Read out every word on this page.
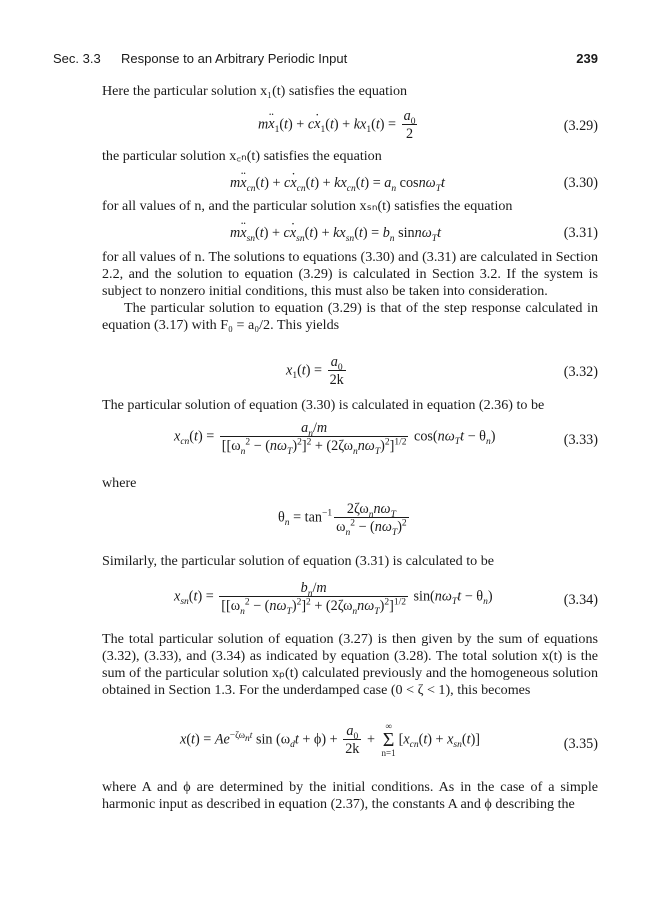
Sec. 3.3 Response to an Arbitrary Periodic Input	239

Here the particular solution x₁(t) satisfies the equation

m¨ $x_1(t)$ + c˙ $x_1(t) + kx_1(t) = \frac{a_0}{2}$	(3.29)

the particular solution x꜀ₙ(t) satisfies the equation

m¨ $x_{cn}(t)$ + c˙ $x_{cn}(t) + kx_{cn}(t) = a_n$ cosnω$_T$t	(3.30)

for all values of n, and the particular solution xₛₙ(t) satisfies the equation

m¨ $x_{sn}(t)$ + c˙ $x_{sn}(t) + kx_{sn}(t) = b_n$ sinnω$_T$t	(3.31)

for all values of n. The solutions to equations (3.30) and (3.31) are calculated in Section 2.2, and the solution to equation (3.29) is calculated in Section 3.2. If the system is subject to nonzero initial conditions, this must also be taken into consideration.

The particular solution to equation (3.29) is that of the step response calculated in equation (3.17) with F₀ = a₀/2. This yields

$x_1(t) = \frac{a_0}{2k}$	(3.32)

The particular solution of equation (3.30) is calculated in equation (2.36) to be

$x_{cn}(t) = \frac{a_n/m}{[[\omega_n^2 - (n\omega_T)^2]^2 + (2\zeta\omega_nn\omega_T)^2]^{1/2}} \cos(n\omega_Tt - \theta_n)$	(3.33)

where

$\theta_n = \tan^{-1} \frac{2\zeta\omega_nn\omega_T}{\omega_n^2 - (n\omega_T)^2}$

Similarly, the particular solution of equation (3.31) is calculated to be

$x_{sn}(t) = \frac{b_n/m}{[[\omega_n^2 - (n\omega_T)^2]^2 + (2\zeta\omega_nn\omega_T)^2]^{1/2}} \sin(n\omega_Tt - \theta_n)$	(3.34)

The total particular solution of equation (3.27) is then given by the sum of equations (3.32), (3.33), and (3.34) as indicated by equation (3.28). The total solution x(t) is the sum of the particular solution xₚ(t) calculated previously and the homogeneous solution obtained in Section 1.3. For the underdamped case (0 < ζ < 1), this becomes

$x(t) = Ae^{-\zeta\omega_nt}$ $\sin (\omega_dt + \phi) + \frac{a_0}{2k}$ +
∞
Σ
n=1
$[x_{cn}(t) + x_{sn}(t)]$	(3.35)

where A and ϕ are determined by the initial conditions. As in the case of a simple harmonic input as described in equation (2.37), the constants A and ϕ describing the
